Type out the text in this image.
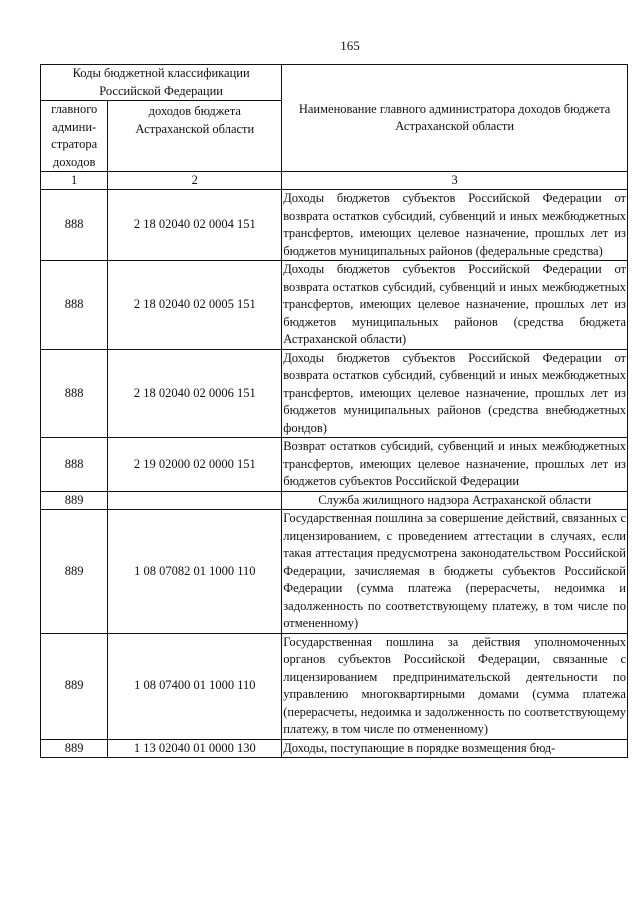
165
Коды бюджетной классификации Российской Федерации		Наименование главного администратора доходов бюджета Астраханской области
главного админи-стратора доходов	доходов бюджета Астраханской области	
1	2	3
888	2 18 02040 02 0004 151	Доходы бюджетов субъектов Российской Федерации от возврата остатков субсидий, субвенций и иных межбюджетных трансфертов, имеющих целевое назначение, прошлых лет из бюджетов муниципальных районов (федеральные средства)
888	2 18 02040 02 0005 151	Доходы бюджетов субъектов Российской Федерации от возврата остатков субсидий, субвенций и иных межбюджетных трансфертов, имеющих целевое назначение, прошлых лет из бюджетов муниципальных районов (средства бюджета Астраханской области)
888	2 18 02040 02 0006 151	Доходы бюджетов субъектов Российской Федерации от возврата остатков субсидий, субвенций и иных межбюджетных трансфертов, имеющих целевое назначение, прошлых лет из бюджетов муниципальных районов (средства внебюджетных фондов)
888	2 19 02000 02 0000 151	Возврат остатков субсидий, субвенций и иных межбюджетных трансфертов, имеющих целевое назначение, прошлых лет из бюджетов субъектов Российской Федерации
889		Служба жилищного надзора Астраханской области
889	1 08 07082 01 1000 110	Государственная пошлина за совершение действий, связанных с лицензированием, с проведением аттестации в случаях, если такая аттестация предусмотрена законодательством Российской Федерации, зачисляемая в бюджеты субъектов Российской Федерации (сумма платежа (перерасчеты, недоимка и задолженность по соответствующему платежу, в том числе по отмененному)
889	1 08 07400 01 1000 110	Государственная пошлина за действия уполномоченных органов субъектов Российской Федерации, связанные с лицензированием предпринимательской деятельности по управлению многоквартирными домами (сумма платежа (перерасчеты, недоимка и задолженность по соответствующему платежу, в том числе по отмененному)
889	1 13 02040 01 0000 130	Доходы, поступающие в порядке возмещения бюд-
